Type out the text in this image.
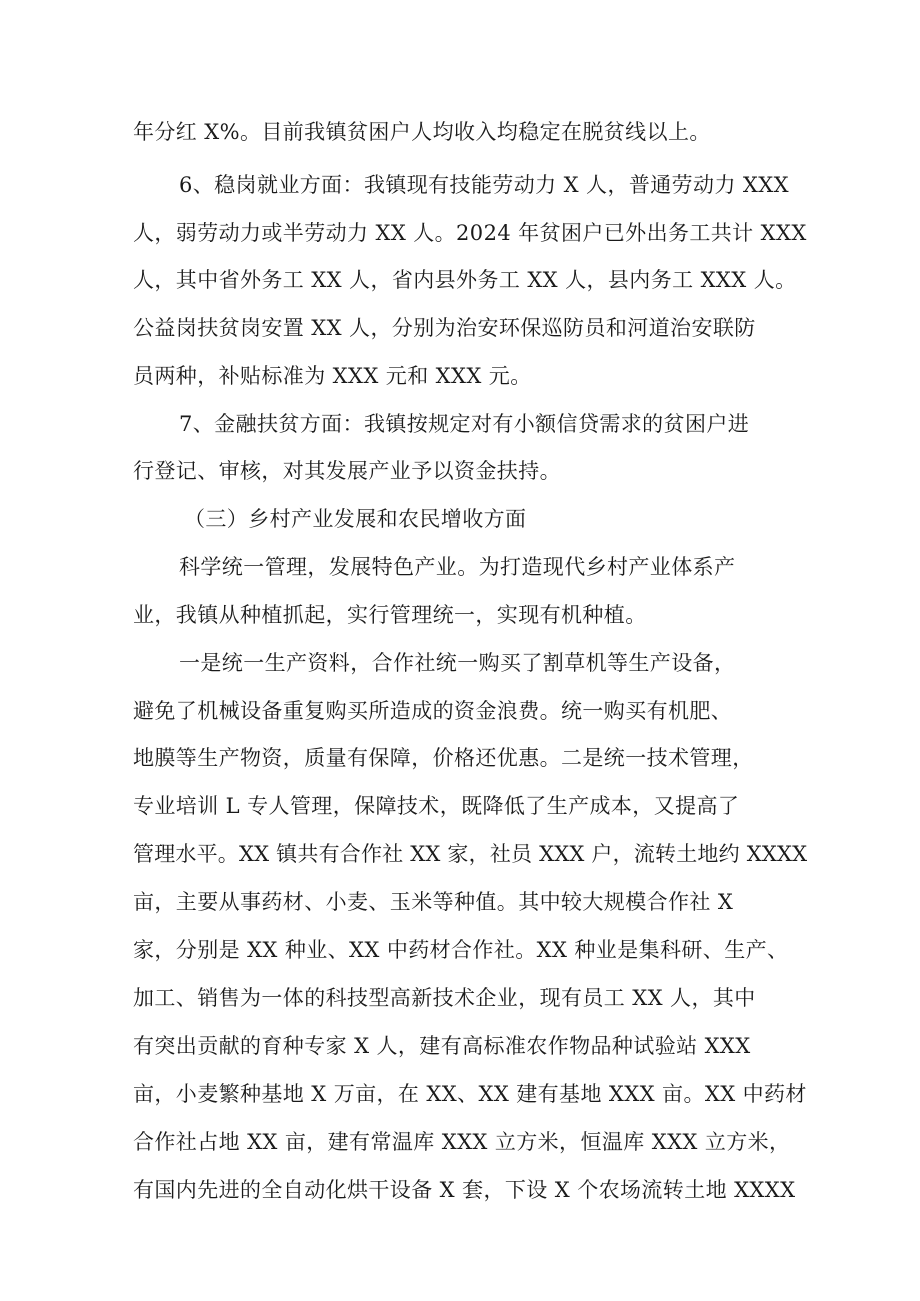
年分红 X%。目前我镇贫困户人均收入均稳定在脱贫线以上。
6、稳岗就业方面：我镇现有技能劳动力 X 人，普通劳动力 XXX
人，弱劳动力或半劳动力 XX 人。2024 年贫困户已外出务工共计 XXX
人，其中省外务工 XX 人，省内县外务工 XX 人，县内务工 XXX 人。
公益岗扶贫岗安置 XX 人，分别为治安环保巡防员和河道治安联防
员两种，补贴标准为 XXX 元和 XXX 元。
7、金融扶贫方面：我镇按规定对有小额信贷需求的贫困户进
行登记、审核，对其发展产业予以资金扶持。
（三）乡村产业发展和农民增收方面
科学统一管理，发展特色产业。为打造现代乡村产业体系产
业，我镇从种植抓起，实行管理统一，实现有机种植。
一是统一生产资料，合作社统一购买了割草机等生产设备，
避免了机械设备重复购买所造成的资金浪费。统一购买有机肥、
地膜等生产物资，质量有保障，价格还优惠。二是统一技术管理，
专业培训 L 专人管理，保障技术，既降低了生产成本，又提高了
管理水平。XX 镇共有合作社 XX 家，社员 XXX 户，流转土地约 XXXX
亩，主要从事药材、小麦、玉米等种值。其中较大规模合作社 X
家，分别是 XX 种业、XX 中药材合作社。XX 种业是集科研、生产、
加工、销售为一体的科技型高新技术企业，现有员工 XX 人，其中
有突出贡献的育种专家 X 人，建有高标准农作物品种试验站 XXX
亩，小麦繁种基地 X 万亩，在 XX、XX 建有基地 XXX 亩。XX 中药材
合作社占地 XX 亩，建有常温库 XXX 立方米，恒温库 XXX 立方米，
有国内先进的全自动化烘干设备 X 套，下设 X 个农场流转土地 XXXX
